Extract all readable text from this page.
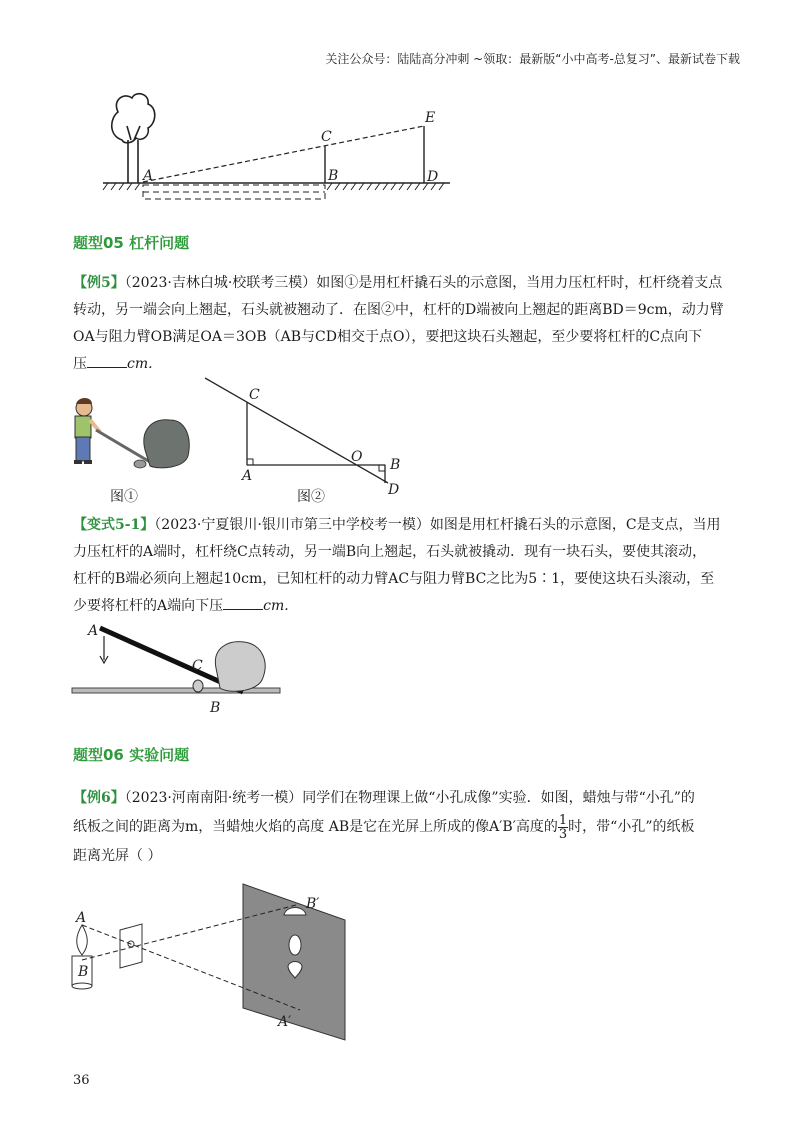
关注公众号：陆陆高分冲刺 ~领取：最新版“小中高考-总复习”、最新试卷下载
A	B
C
D
E
题型05 杠杆问题
【例5】（2023·吉林白城·校联考三模）如图①是用杠杆撬石头的示意图，当用力压杠杆时，杠杆绕着支点
转动，另一端会向上翘起，石头就被翘动了．在图②中，杠杆的D端被向上翘起的距离BD＝9cm，动力臂
OA与阻力臂OB满足OA＝3OB（AB与CD相交于点O），要把这块石头翘起，至少要将杠杆的C点向下
压	cm.
图①
C
A
O B
D
图②
【变式5-1】（2023·宁夏银川·银川市第三中学校考一模）如图是用杠杆撬石头的示意图，C是支点，当用
力压杠杆的A端时，杠杆绕C点转动，另一端B向上翘起，石头就被撬动．现有一块石头，要使其滚动，
杠杆的B端必须向上翘起10cm，已知杠杆的动力臂AC与阻力臂BC之比为5∶1，要使这块石头滚动，至
少要将杠杆的A端向下压	cm.
A
C
B
题型06 实验问题
【例6】（2023·河南南阳·统考一模）同学们在物理课上做“小孔成像”实验．如图，蜡烛与带“小孔”的
纸板之间的距离为m，当蜡烛火焰的高度 AB是它在光屏上所成的像A′B′高度的 $\frac{1}{3}$ 时，带“小孔”的纸板
距离光屏（ ）
A
B
B′
A′
36
